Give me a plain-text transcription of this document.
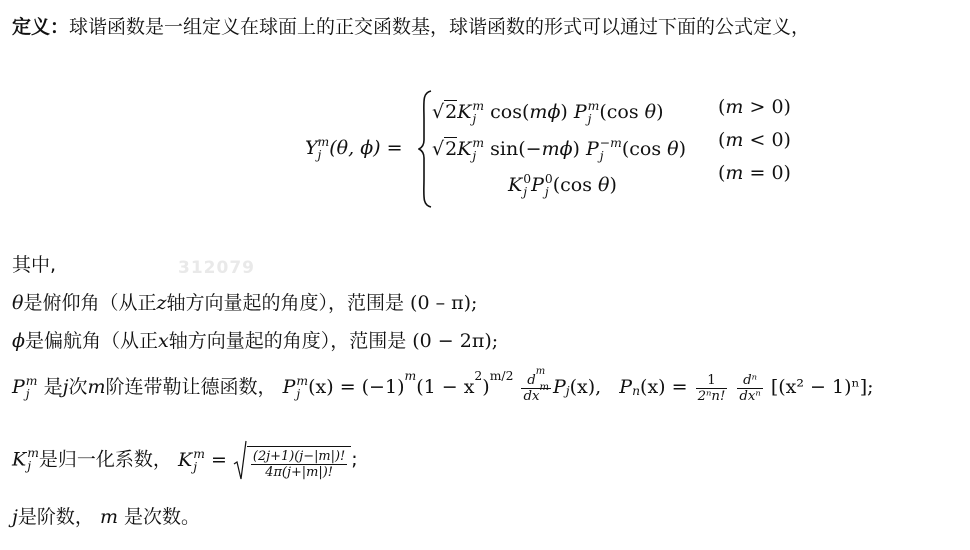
定义：球谐函数是一组定义在球面上的正交函数基，球谐函数的形式可以通过下面的公式定义，
Y m
j (θ, ϕ) =
√2K m
j cos(mϕ) P m
j (cos θ)	(m > 0)
√2K m
j sin(−mϕ) P −m
j (cos θ) (m < 0)
K 0
j P 0
j (cos θ)
(m = 0)
其中,	312079
θ是俯仰角（从正z轴方向量起的角度），范围是 (0 – π);
ϕ是偏航角（从正x轴方向量起的角度），范围是 (0 − 2π);
P m
j 是j次m阶连带勒让德函数， P m
j $(x) = (-1)^m(1 - x^2)^{m/2} \frac{d^m}{dx^m} P_j(x)$, $P_n(x) = \frac{1}{\text{2ⁿn!}}$
$\frac{\text{dⁿ}}{\text{dxⁿ}} [(x^2 - 1)^n]$;
K m
j 是归一化系数， K m
$j = \frac{(2j+1)(j-|m|)!}{4\pi(j+|m|)!}$ ;
j是阶数， m 是次数。
